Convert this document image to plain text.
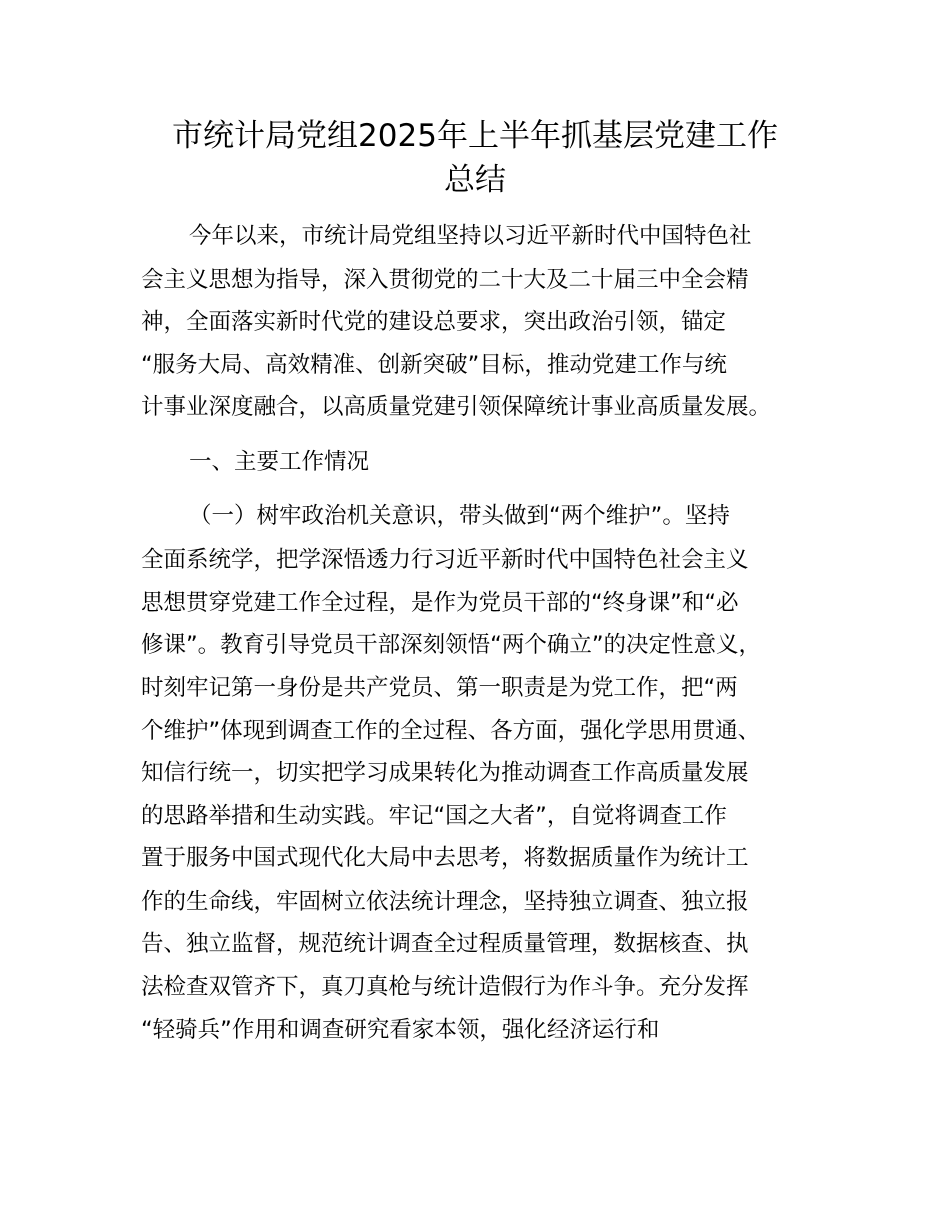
市统计局党组2025年上半年抓基层党建工作
总结
今年以来，市统计局党组坚持以习近平新时代中国特色社
会主义思想为指导，深入贯彻党的二十大及二十届三中全会精
神，全面落实新时代党的建设总要求，突出政治引领，锚定
“服务大局、高效精准、创新突破”目标，推动党建工作与统
计事业深度融合，以高质量党建引领保障统计事业高质量发展。
一、主要工作情况
（一）树牢政治机关意识，带头做到“两个维护”。坚持
全面系统学，把学深悟透力行习近平新时代中国特色社会主义
思想贯穿党建工作全过程，是作为党员干部的“终身课”和“必
修课”。教育引导党员干部深刻领悟“两个确立”的决定性意义，
时刻牢记第一身份是共产党员、第一职责是为党工作，把“两
个维护”体现到调查工作的全过程、各方面，强化学思用贯通、
知信行统一，切实把学习成果转化为推动调查工作高质量发展
的思路举措和生动实践。牢记“国之大者”，自觉将调查工作
置于服务中国式现代化大局中去思考，将数据质量作为统计工
作的生命线，牢固树立依法统计理念，坚持独立调查、独立报
告、独立监督，规范统计调查全过程质量管理，数据核查、执
法检查双管齐下，真刀真枪与统计造假行为作斗争。充分发挥
“轻骑兵”作用和调查研究看家本领，强化经济运行和
